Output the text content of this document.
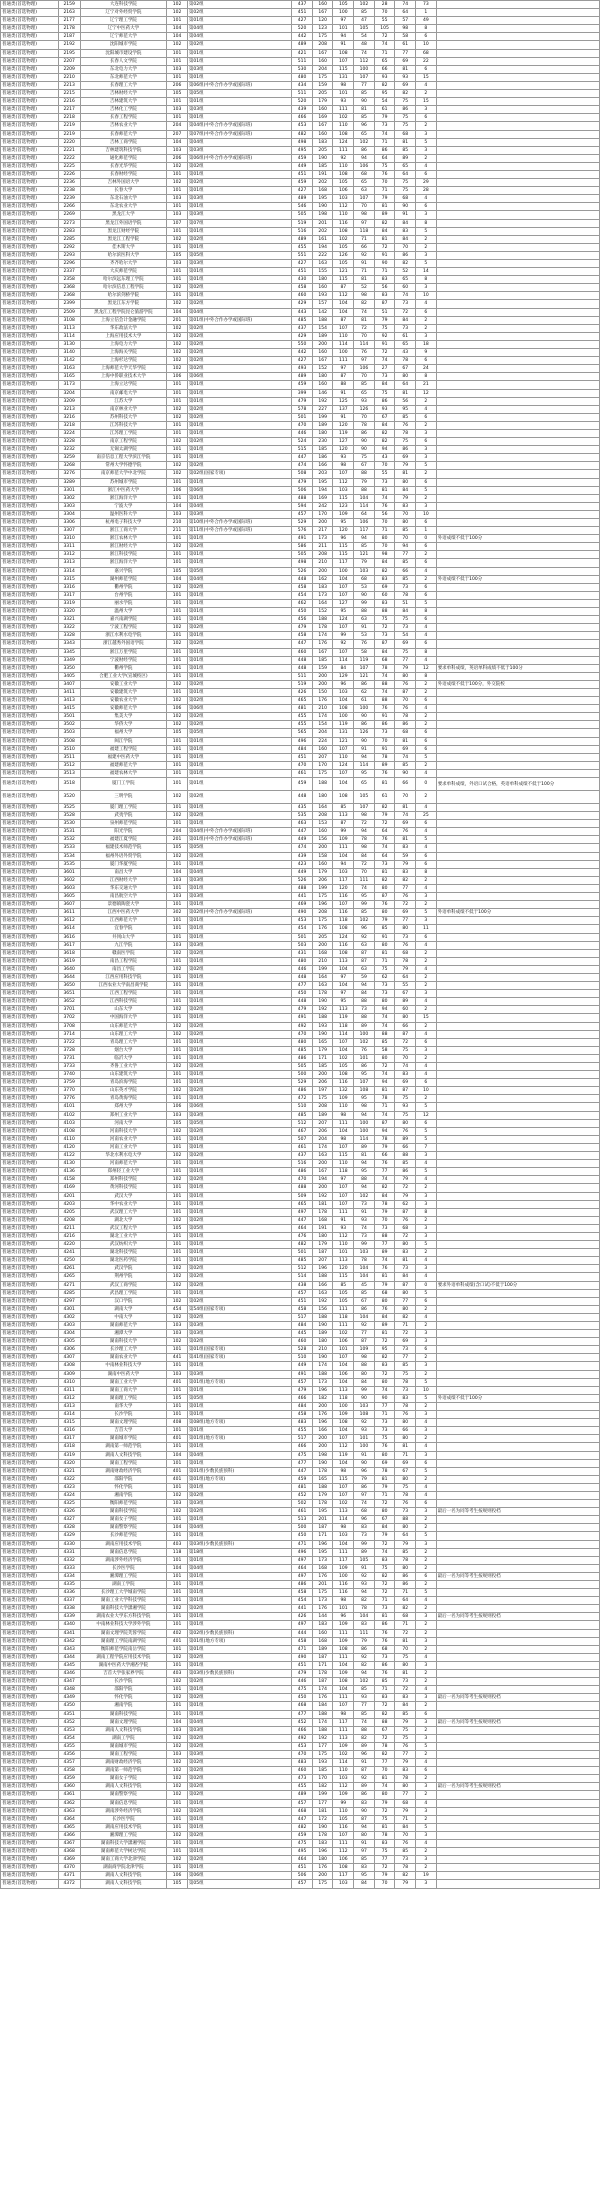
普通类(首选物理)	2159	大连科技学院	102	第02组	437	160	105	102	28	74	73	
普通类(首选物理)	2163	辽宁对外经贸学院	102	第02组	451	167	100	85	70	64	1	
普通类(首选物理)	2177	辽宁理工学院	101	第01组	427	120	97	47	55	57	49	
普通类(首选物理)	2178	辽宁中医药大学	104	第04组	520	123	101	105	105	98	8	
普通类(首选物理)	2187	辽宁师范大学	104	第04组	442	175	94	54	72	58	6	
普通类(首选物理)	2192	沈阳城市学院	102	第02组	489	208	91	48	74	61	10	
普通类(首选物理)	2195	沈阳城市建设学院	101	第01组	421	167	108	74	71	77	68	
普通类(首选物理)	2207	长春人文学院	101	第01组	511	160	107	112	65	69	22	
普通类(首选物理)	2209	东北电力大学	103	第03组	530	204	115	100	66	81	6	
普通类(首选物理)	2210	东北师范大学	101	第01组	480	175	131	107	93	93	15	
普通类(首选物理)	2213	长春理工大学	206	第06组(中外合作办学或国际班)	434	159	98	77	82	69	4	
普通类(首选物理)	2215	吉林财经大学	105	第05组	511	205	101	85	95	82	2	
普通类(首选物理)	2216	吉林建筑大学	101	第01组	520	179	93	90	54	75	15	
普通类(首选物理)	2217	吉林化工学院	103	第03组	439	160	111	81	61	86	3	
普通类(首选物理)	2218	长春工程学院	101	第01组	466	169	102	85	79	75	6	
普通类(首选物理)	2219	吉林农业大学	204	第04组(中外合作办学或国际班)	453	167	110	96	73	75	2	
普通类(首选物理)	2219	长春师范大学	207	第07组(中外合作办学或国际班)	482	160	108	65	74	68	3	
普通类(首选物理)	2220	吉林工商学院	104	第04组	498	183	124	102	71	81	5	
普通类(首选物理)	2221	吉林建筑科技学院	103	第03组	495	205	111	86	86	85	3	
普通类(首选物理)	2222	通化师范学院	206	第06组(中外合作办学或国际班)	459	190	92	94	64	89	2	
普通类(首选物理)	2225	长春光华学院	102	第02组	449	185	110	106	75	65	4	
普通类(首选物理)	2226	长春财经学院	101	第01组	451	191	108	68	76	64	6	
普通类(首选物理)	2236	吉林外国语大学	102	第02组	459	202	105	65	70	75	29	
普通类(首选物理)	2238	长春大学	101	第01组	427	168	106	63	71	75	28	
普通类(首选物理)	2239	东北石油大学	103	第03组	489	195	103	107	79	68	4	
普通类(首选物理)	2266	东北农业大学	101	第01组	546	190	112	70	81	90	6	
普通类(首选物理)	2269	黑龙江大学	103	第03组	505	198	110	98	89	91	3	
普通类(首选物理)	2273	黑龙江外国语学院	107	第07组	519	201	116	97	82	84	8	
普通类(首选物理)	2283	黑龙江财经学院	101	第01组	516	202	108	118	84	83	5	
普通类(首选物理)	2285	黑龙江工程学院	102	第02组	489	161	102	71	81	84	2	
普通类(首选物理)	2292	佳木斯大学	101	第01组	455	194	105	66	72	70	2	
普通类(首选物理)	2293	哈尔滨医科大学	105	第05组	551	222	126	92	91	86	3	
普通类(首选物理)	2296	齐齐哈尔大学	103	第03组	427	163	105	91	90	82	5	
普通类(首选物理)	2337	大庆师范学院	101	第01组	451	155	121	71	71	52	14	
普通类(首选物理)	2358	哈尔滨远东理工学院	101	第01组	430	180	115	81	83	65	8	
普通类(首选物理)	2368	哈尔滨信息工程学院	102	第02组	458	160	87	52	56	60	3	
普通类(首选物理)	2368	哈尔滨剑桥学院	101	第01组	460	193	112	98	83	74	10	
普通类(首选物理)	2399	黑龙江东方学院	102	第02组	429	157	104	82	87	73	4	
普通类(首选物理)	2509	黑龙江工程学院昆仑旅游学院	104	第04组	443	142	104	74	51	72	6	
普通类(首选物理)	3108	上海立信会计金融学院	201	第01组(中外合作办学或国际班)	485	188	87	81	79	84	2	
普通类(首选物理)	3113	华东政法大学	102	第02组	437	154	107	72	75	73	2	
普通类(首选物理)	3114	上海应用技术大学	102	第02组	429	189	110	70	92	61	3	
普通类(首选物理)	3130	上海电力大学	102	第02组	550	200	114	114	91	65	18	
普通类(首选物理)	3140	上海海关学院	102	第02组	442	160	100	76	72	43	9	
普通类(首选物理)	3142	上海杉达学院	102	第02组	427	167	111	97	74	78	6	
普通类(首选物理)	3163	上海师范大学天华学院	102	第02组	493	152	97	106	27	67	24	
普通类(首选物理)	3165	上海中侨职业技术大学	106	第06组	489	180	87	70	73	80	8	
普通类(首选物理)	3173	上海立达学院	101	第01组	459	160	88	85	84	64	21	
普通类(首选物理)	3204	南京邮电大学	101	第01组	399	146	91	65	75	81	12	
普通类(首选物理)	3209	江苏大学	101	第01组	479	192	125	93	86	56	2	
普通类(首选物理)	3213	南京林业大学	102	第02组	578	227	137	126	93	95	4	
普通类(首选物理)	3216	苏州科技大学	102	第02组	501	199	91	70	67	85	6	
普通类(首选物理)	3218	江苏科技大学	101	第01组	470	189	120	78	84	76	2	
普通类(首选物理)	3224	江苏理工学院	101	第01组	446	180	119	86	82	78	3	
普通类(首选物理)	3228	南京工程学院	102	第02组	524	230	127	90	82	75	6	
普通类(首选物理)	3232	无锡太湖学院	101	第01组	515	185	120	90	94	86	3	
普通类(首选物理)	3259	南京信息工程大学滨江学院	101	第01组	447	186	93	75	43	69	3	
普通类(首选物理)	3268	常州大学怀德学院	102	第02组	474	166	98	67	70	79	5	
普通类(首选物理)	3276	南京师范大学中北学院	102	第02组(国家专项)	508	203	107	88	55	81	2	
普通类(首选物理)	3289	苏州城市学院	101	第01组	479	195	112	79	73	80	6	
普通类(首选物理)	3301	浙江中医药大学	106	第06组	506	194	103	88	81	84	5	
普通类(首选物理)	3302	浙江海洋大学	101	第01组	488	169	115	104	74	79	2	
普通类(首选物理)	3303	宁波大学	104	第04组	594	242	123	114	76	83	3	
普通类(首选物理)	3304	温州医科大学	103	第03组	457	170	109	64	56	70	10	
普通类(首选物理)	3306	杭州电子科技大学	210	第10组(中外合作办学或国际班)	529	200	95	106	70	80	6	
普通类(首选物理)	3307	浙江工商大学	211	第11组(中外合作办学或国际班)	576	217	120	117	71	85	1	
普通类(首选物理)	3310	浙江农林大学	101	第01组	491	173	96	94	80	70	0	外语成绩不低于100分
普通类(首选物理)	3311	浙江财经大学	102	第02组	586	211	115	85	70	94	6	
普通类(首选物理)	3312	浙江科技学院	101	第01组	505	208	115	121	98	77	2	
普通类(首选物理)	3313	浙江海洋大学	101	第01组	498	210	117	79	84	85	6	
普通类(首选物理)	3314	嘉兴学院	105	第05组	526	200	100	103	82	66	4	
普通类(首选物理)	3315	湖州师范学院	104	第04组	448	162	104	68	83	85	2	外语成绩不低于100分
普通类(首选物理)	3316	衢州学院	102	第02组	458	183	107	53	69	73	6	
普通类(首选物理)	3317	台州学院	101	第01组	454	173	107	90	60	78	6	
普通类(首选物理)	3319	丽水学院	101	第01组	462	164	127	99	83	51	5	
普通类(首选物理)	3320	温州大学	101	第01组	450	152	95	88	88	84	8	
普通类(首选物理)	3321	嘉兴南湖学院	101	第01组	456	188	124	63	75	75	6	
普通类(首选物理)	3322	宁波工程学院	102	第02组	479	178	107	91	72	73	4	
普通类(首选物理)	3328	浙江水利水电学院	101	第01组	458	174	99	53	73	54	4	
普通类(首选物理)	3343	浙江越秀外国语学院	102	第02组	447	176	92	76	87	69	6	
普通类(首选物理)	3345	浙江万里学院	101	第01组	460	167	107	58	84	75	8	
普通类(首选物理)	3349	宁波财经学院	101	第01组	448	185	114	119	68	77	4	
普通类(首选物理)	3350	衢州学院	101	第01组	448	159	84	107	78	79	12	要求单科成绩，英语单科成绩不低于100分
普通类(首选物理)	3405	合肥工业大学(宣城校区)	101	第01组	511	200	129	121	74	80	8	
普通类(首选物理)	3407	安徽工业大学	102	第02组	519	200	96	86	88	76	2	外语成绩不低于100分，外交院校
普通类(首选物理)	3411	安徽建筑大学	101	第01组	426	150	103	62	74	87	2	
普通类(首选物理)	3413	安徽农业大学	102	第02组	465	176	104	61	88	70	6	
普通类(首选物理)	3415	安徽师范大学	106	第06组	481	210	108	100	76	76	4	
普通类(首选物理)	3501	集美大学	102	第02组	455	174	100	90	91	78	2	
普通类(首选物理)	3502	华侨大学	102	第02组	455	154	119	86	86	86	2	
普通类(首选物理)	3503	福州大学	105	第05组	565	204	131	126	73	68	6	
普通类(首选物理)	3508	闽江学院	101	第01组	496	224	121	90	70	81	6	
普通类(首选物理)	3510	福建工程学院	101	第01组	484	160	107	91	91	69	6	
普通类(首选物理)	3511	福建中医药大学	101	第01组	451	207	110	94	78	74	5	
普通类(首选物理)	3512	福建师范大学	101	第01组	470	170	124	114	89	85	2	
普通类(首选物理)	3513	福建农林大学	101	第01组	461	175	107	95	76	90	4	
普通类(首选物理)	3518	厦门工学院	101	第01组	459	188	104	65	81	66	0	要求单科成绩，外语口试合格，英语单科成绩不低于100分
普通类(首选物理)	3520	三明学院	102	第02组	448	180	108	105	61	70	2	
普通类(首选物理)	3525	厦门理工学院	101	第01组	435	164	85	107	82	81	4	
普通类(首选物理)	3528	武夷学院	102	第02组	535	208	113	98	79	74	25	
普通类(首选物理)	3530	泉州师范学院	101	第01组	463	153	87	72	72	69	6	
普通类(首选物理)	3531	阳光学院	204	第04组(中外合作办学或国际班)	447	160	99	94	64	76	4	
普通类(首选物理)	3532	福建江夏学院	201	第01组(中外合作办学或国际班)	449	156	109	78	76	81	5	
普通类(首选物理)	3533	福建技术师范学院	105	第05组	474	200	111	98	74	83	4	
普通类(首选物理)	3534	福州外语外贸学院	102	第02组	439	158	104	84	64	59	6	
普通类(首选物理)	3535	厦门华厦学院	101	第01组	423	160	94	72	73	79	6	
普通类(首选物理)	3601	南昌大学	104	第04组	449	179	103	70	81	83	8	
普通类(首选物理)	3602	江西财经大学	103	第03组	526	206	117	111	82	82	2	
普通类(首选物理)	3603	华东交通大学	101	第01组	488	199	120	74	80	77	4	
普通类(首选物理)	3605	南昌航空大学	103	第03组	441	175	116	95	87	76	3	
普通类(首选物理)	3607	景德镇陶瓷大学	101	第01组	469	196	107	99	76	72	2	
普通类(首选物理)	3611	江西中医药大学	302	第02组(中外合作办学或国际班)	490	208	116	85	80	69	5	外语单科成绩不低于100分
普通类(首选物理)	3612	江西师范大学	101	第01组	453	175	118	102	79	77	3	
普通类(首选物理)	3614	宜春学院	101	第01组	454	176	108	96	85	80	11	
普通类(首选物理)	3616	井冈山大学	101	第01组	501	205	124	92	91	73	6	
普通类(首选物理)	3617	九江学院	103	第03组	503	200	116	63	80	76	4	
普通类(首选物理)	3618	赣南医学院	102	第02组	431	168	108	87	81	68	2	
普通类(首选物理)	3619	南昌工程学院	101	第01组	480	210	113	87	71	78	2	
普通类(首选物理)	3640	南昌工学院	102	第02组	446	199	104	63	75	79	4	
普通类(首选物理)	3644	江西应用科技学院	101	第01组	448	164	97	59	62	64	2	
普通类(首选物理)	3650	江西农业大学南昌商学院	101	第01组	477	163	104	94	73	55	2	
普通类(首选物理)	3651	江西工程学院	101	第01组	450	178	97	84	73	67	3	
普通类(首选物理)	3652	江西科技学院	101	第01组	448	190	95	88	80	89	4	
普通类(首选物理)	3701	山东大学	102	第02组	479	192	113	73	94	60	2	
普通类(首选物理)	3702	中国海洋大学	101	第01组	491	188	119	88	74	80	15	
普通类(首选物理)	3708	山东师范大学	102	第02组	492	193	118	89	74	66	2	
普通类(首选物理)	3714	山东理工大学	102	第02组	470	190	114	100	88	87	4	
普通类(首选物理)	3722	青岛理工大学	101	第01组	480	165	107	102	85	72	6	
普通类(首选物理)	3728	烟台大学	101	第01组	485	179	104	76	58	75	3	
普通类(首选物理)	3731	临沂大学	101	第01组	486	171	102	101	80	70	2	
普通类(首选物理)	3733	齐鲁工业大学	102	第02组	505	185	105	86	72	74	4	
普通类(首选物理)	3740	山东建筑大学	101	第01组	500	200	108	95	74	83	4	
普通类(首选物理)	3759	青岛滨海学院	101	第01组	529	206	116	107	94	69	6	
普通类(首选物理)	3770	山东英才学院	102	第02组	486	197	132	108	81	87	10	
普通类(首选物理)	3776	青岛黄海学院	101	第01组	472	175	109	95	78	75	2	
普通类(首选物理)	4101	郑州大学	106	第06组	510	208	110	98	71	93	5	
普通类(首选物理)	4102	郑州工业大学	103	第03组	485	189	98	94	74	75	12	
普通类(首选物理)	4103	河南大学	105	第05组	512	207	111	100	87	80	6	
普通类(首选物理)	4108	河南科技大学	102	第02组	467	206	104	100	94	76	5	
普通类(首选物理)	4110	河南农业大学	101	第01组	507	204	98	114	78	89	5	
普通类(首选物理)	4120	河南工业大学	101	第01组	461	174	107	89	79	66	7	
普通类(首选物理)	4122	华北水利水电大学	102	第02组	437	163	115	81	66	88	3	
普通类(首选物理)	4130	河南师范大学	101	第01组	516	200	110	94	76	85	4	
普通类(首选物理)	4136	郑州轻工业大学	101	第01组	486	167	118	95	77	86	5	
普通类(首选物理)	4158	郑州科技学院	102	第02组	470	194	97	88	74	79	4	
普通类(首选物理)	4169	黄河科技学院	101	第01组	488	200	107	94	82	72	2	
普通类(首选物理)	4201	武汉大学	101	第01组	509	192	107	102	84	79	3	
普通类(首选物理)	4203	华中农业大学	101	第01组	465	181	107	73	78	62	3	
普通类(首选物理)	4205	武汉理工大学	101	第01组	497	178	111	91	79	87	8	
普通类(首选物理)	4208	湖北大学	102	第02组	447	168	91	93	70	76	2	
普通类(首选物理)	4211	武汉工程大学	105	第05组	464	191	93	74	73	68	3	
普通类(首选物理)	4216	湖北工业大学	101	第01组	476	180	112	73	88	72	3	
普通类(首选物理)	4220	武汉纺织大学	101	第01组	482	179	110	99	77	80	5	
普通类(首选物理)	4241	湖北科技学院	101	第01组	501	187	101	103	89	83	2	
普通类(首选物理)	4250	湖北医药学院	101	第01组	485	207	113	78	74	81	4	
普通类(首选物理)	4261	武汉学院	102	第02组	512	196	120	104	76	73	3	
普通类(首选物理)	4265	荆州学院	102	第02组	514	188	115	104	81	84	4	
普通类(首选物理)	4271	武汉工商学院	102	第02组	438	166	85	45	79	87	0	要求外语单科成绩(含口试)不低于100分
普通类(首选物理)	4285	武昌理工学院	101	第01组	457	163	105	85	68	80	5	
普通类(首选物理)	4297	汉口学院	102	第02组	451	192	105	67	80	77	6	
普通类(首选物理)	4301	湖南大学	454	第54组(国家专项)	458	156	111	86	76	80	2	
普通类(首选物理)	4302	中南大学	102	第02组	517	188	118	104	84	82	4	
普通类(首选物理)	4303	湖南师范大学	103	第03组	484	190	111	92	89	71	2	
普通类(首选物理)	4304	湘潭大学	103	第03组	445	189	102	77	81	72	3	
普通类(首选物理)	4305	湖南科技大学	102	第02组	460	180	106	87	72	69	3	
普通类(首选物理)	4306	长沙理工大学	101	第01组(国家专项)	528	210	101	109	95	73	6	
普通类(首选物理)	4307	湖南农业大学	441	第41组(国家专项)	510	190	107	98	82	77	2	
普通类(首选物理)	4308	中南林业科技大学	101	第01组	449	174	104	88	83	85	3	
普通类(首选物理)	4309	湖南中医药大学	103	第03组	491	188	106	80	72	75	2	
普通类(首选物理)	4310	湖南工业大学	401	第01组(地方专项)	457	173	104	84	80	78	5	
普通类(首选物理)	4311	湖南工商大学	101	第01组	479	196	113	99	74	73	10	
普通类(首选物理)	4312	湖南理工学院	105	第05组	466	182	118	90	90	83	5	外语成绩不低于100分
普通类(首选物理)	4313	南华大学	101	第01组	484	200	100	103	77	78	2	
普通类(首选物理)	4314	长沙学院	101	第01组	458	176	109	108	71	76	3	
普通类(首选物理)	4315	湖南文理学院	408	第08组(地方专项)	483	196	108	92	73	80	4	
普通类(首选物理)	4316	吉首大学	101	第01组	455	166	104	93	73	66	3	
普通类(首选物理)	4317	湖南城市学院	401	第01组(地方专项)	517	200	107	101	75	80	2	
普通类(首选物理)	4318	湖南第一师范学院	101	第01组	466	200	112	100	76	81	4	
普通类(首选物理)	4319	湖南人文科技学院	104	第04组	475	198	119	91	80	71	3	
普通类(首选物理)	4320	湖南工程学院	101	第01组	477	190	104	90	69	69	6	
普通类(首选物理)	4321	湖南财政经济学院	401	第01组(少数民族预科)	447	178	98	96	78	67	5	
普通类(首选物理)	4322	邵阳学院	401	第01组(地方专项)	459	165	115	79	81	80	2	
普通类(首选物理)	4323	怀化学院	101	第01组	481	188	107	86	79	75	4	
普通类(首选物理)	4324	湘南学院	102	第02组	452	179	107	97	71	78	4	
普通类(首选物理)	4325	衡阳师范学院	103	第03组	502	178	102	74	72	76	6	
普通类(首选物理)	4326	湖南科技学院	102	第02组	461	195	113	68	80	73	3	最后一名为同等考生按规则投档
普通类(首选物理)	4327	湖南女子学院	101	第01组	513	201	114	96	67	88	2	
普通类(首选物理)	4328	湖南警察学院	104	第04组	500	187	98	83	84	80	2	
普通类(首选物理)	4329	长沙师范学院	101	第01组	450	171	103	73	79	64	5	
普通类(首选物理)	4330	湖南应用技术学院	403	第03组(少数民族预科)	471	196	104	99	72	79	3	
普通类(首选物理)	4331	湖南信息学院	118	第18组	496	195	111	89	74	85	2	
普通类(首选物理)	4332	湖南涉外经济学院	101	第01组	497	173	117	105	83	78	2	
普通类(首选物理)	4333	长沙医学院	104	第04组	464	168	109	91	75	80	2	
普通类(首选物理)	4334	湘潭理工学院	101	第01组	497	176	100	92	82	86	6	最后一名为同等考生按规则投档
普通类(首选物理)	4335	湖南工学院	101	第01组	486	201	116	93	72	86	2	
普通类(首选物理)	4336	长沙理工大学城南学院	101	第01组	458	175	116	94	72	71	5	
普通类(首选物理)	4337	湖南工业大学科技学院	101	第01组	454	173	98	82	71	64	4	
普通类(首选物理)	4338	湖南科技大学潇湘学院	102	第02组	441	176	101	78	73	82	2	
普通类(首选物理)	4339	湖南农业大学东方科技学院	101	第01组	426	144	96	104	81	68	3	最后一名为同等考生按规则投档
普通类(首选物理)	4340	中南林业科技大学涉外学院	101	第01组	497	183	109	83	86	71	2	
普通类(首选物理)	4341	湖南文理学院芙蓉学院	402	第02组(少数民族预科)	444	160	111	111	76	72	2	
普通类(首选物理)	4342	湖南理工学院南湖学院	401	第01组(地方专项)	458	168	109	79	76	81	3	
普通类(首选物理)	4343	衡阳师范学院南岳学院	101	第01组	471	189	108	86	68	70	2	
普通类(首选物理)	4344	湖南工程学院应用技术学院	102	第02组	490	187	111	92	73	75	4	
普通类(首选物理)	4345	湖南中医药大学湘杏学院	101	第01组	451	171	104	82	86	80	3	
普通类(首选物理)	4346	吉首大学张家界学院	403	第03组(少数民族预科)	479	178	109	94	76	81	2	
普通类(首选物理)	4347	长沙学院	102	第02组	446	187	108	102	85	73	2	
普通类(首选物理)	4348	邵阳学院	101	第01组	475	174	104	85	71	72	4	
普通类(首选物理)	4349	怀化学院	102	第02组	450	176	111	93	83	83	3	最后一名为同等考生按规则投档
普通类(首选物理)	4350	湘南学院	101	第01组	468	184	107	77	72	84	2	
普通类(首选物理)	4351	湖南科技学院	101	第01组	477	188	98	85	82	85	6	
普通类(首选物理)	4352	湖南文理学院	104	第04组	452	174	117	74	88	79	3	最后一名为同等考生按规则投档
普通类(首选物理)	4353	湖南人文科技学院	103	第03组	466	188	111	88	67	75	2	
普通类(首选物理)	4354	湖南工学院	102	第02组	492	192	113	82	72	75	3	
普通类(首选物理)	4355	湖南城市学院	102	第02组	453	177	109	89	78	76	5	
普通类(首选物理)	4356	湖南工程学院	103	第03组	470	175	102	96	82	77	2	
普通类(首选物理)	4357	湖南财政经济学院	102	第02组	483	193	114	91	77	79	4	
普通类(首选物理)	4358	湖南第一师范学院	102	第02组	460	185	110	87	70	83	6	
普通类(首选物理)	4359	湖南女子学院	102	第02组	473	170	103	92	81	78	2	
普通类(首选物理)	4360	湖南人文科技学院	102	第02组	455	182	112	89	74	80	3	最后一名为同等考生按规则投档
普通类(首选物理)	4361	湖南警察学院	102	第02组	489	199	109	86	80	77	2	
普通类(首选物理)	4362	湖南信息学院	101	第01组	457	177	99	83	79	68	4	
普通类(首选物理)	4363	湖南涉外经济学院	102	第02组	468	181	110	90	72	79	3	
普通类(首选物理)	4364	长沙医学院	101	第01组	447	172	105	87	75	71	2	
普通类(首选物理)	4365	湖南应用技术学院	101	第01组	482	190	116	94	81	84	5	
普通类(首选物理)	4366	湘潭理工学院	102	第02组	459	178	107	80	78	70	3	
普通类(首选物理)	4367	湖南科技大学潇湘学院	101	第01组	475	183	111	91	83	76	4	
普通类(首选物理)	4368	湖南师范大学树达学院	101	第01组	495	196	112	97	75	85	2	
普通类(首选物理)	4369	湖南工商大学北津学院	102	第02组	464	180	106	85	77	73	3	
普通类(首选物理)	4370	湖南商学院北津学院	101	第01组	451	176	108	83	72	78	2	
普通类(首选物理)	4371	湖南人文科技学院	106	第06组	506	200	117	95	79	82	19	
普通类(首选物理)	4372	湖南人文科技学院	105	第05组	457	175	103	84	70	79	3	
